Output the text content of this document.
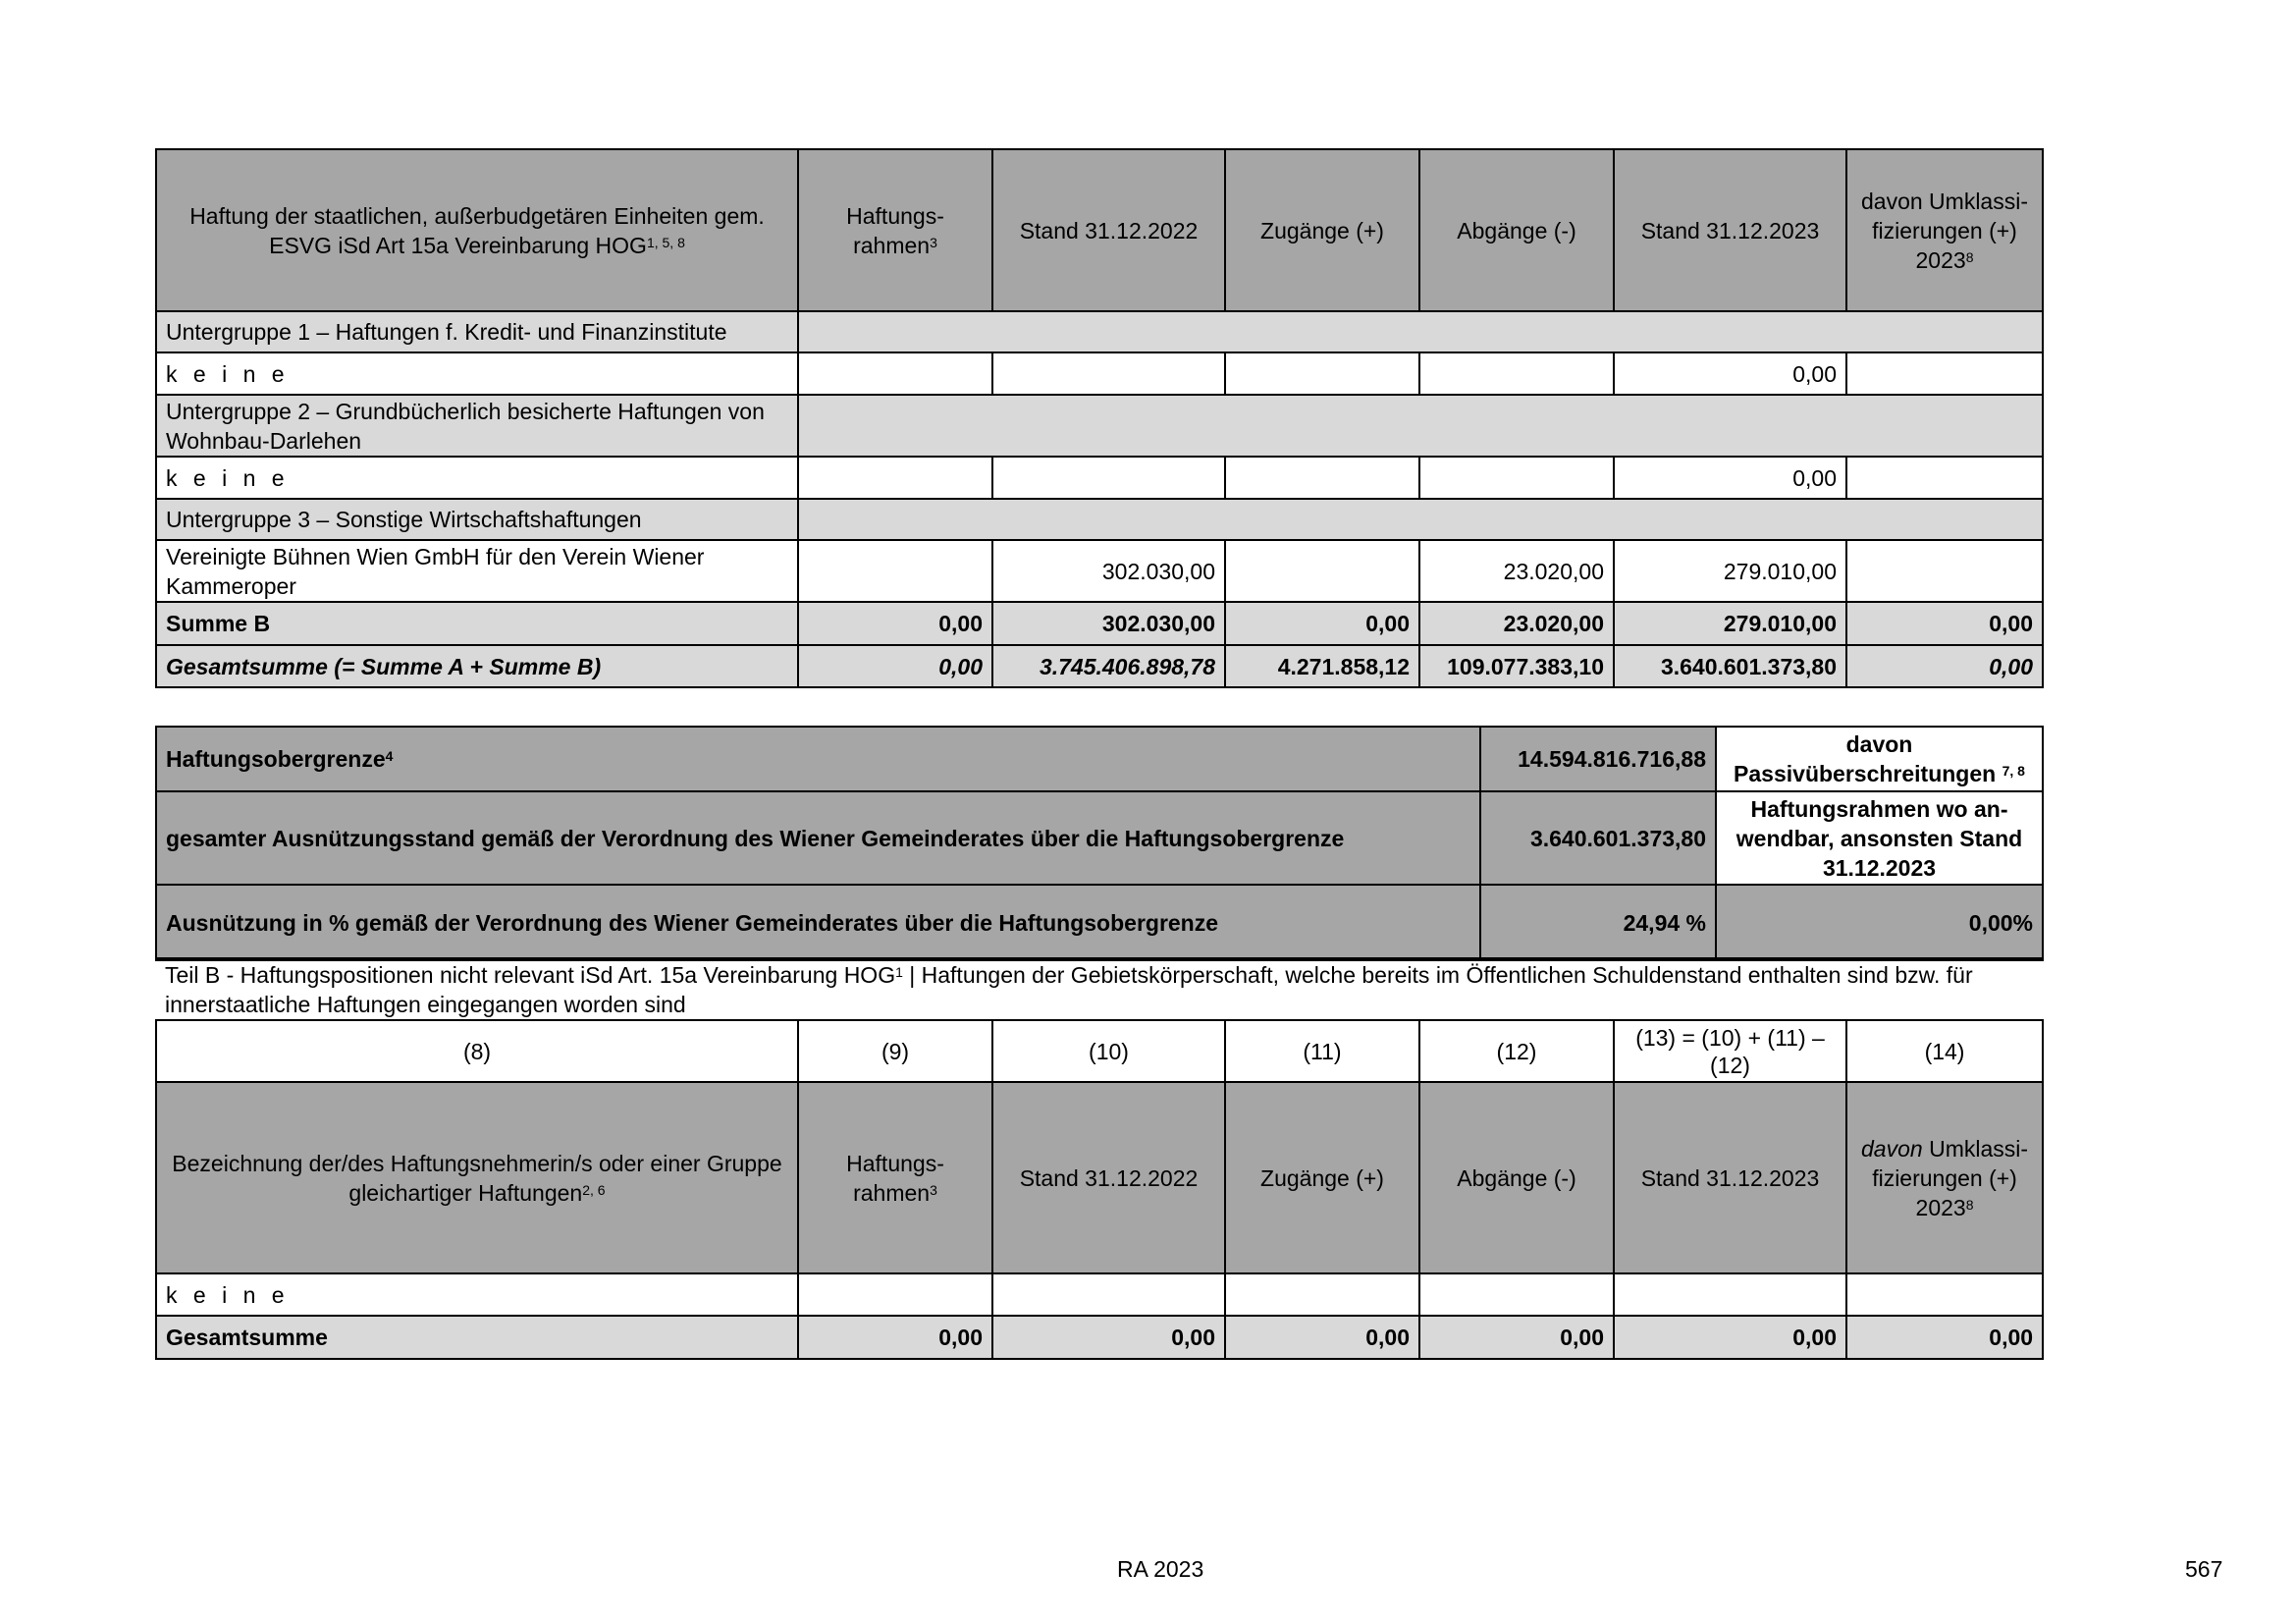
Haftung der staatlichen, außerbudgetären Einheiten gem. ESVG iSd Art 15a Vereinbarung HOG$^{1, 5, 8}$	Haftungs-rahmen$^3$	Stand 31.12.2022	Zugänge (+)	Abgänge (-)	Stand 31.12.2023	davon Umklassi-fizierungen (+) 2023$^8$
Untergruppe 1 – Haftungen f. Kredit- und Finanzinstitute						
k e i n e					0,00	
Untergruppe 2 – Grundbücherlich besicherte Haftungen von Wohnbau-Darlehen						
k e i n e					0,00	
Untergruppe 3 – Sonstige Wirtschaftshaftungen						
Vereinigte Bühnen Wien GmbH für den Verein Wiener Kammeroper		302.030,00		23.020,00	279.010,00	
Summe B	0,00	302.030,00	0,00	23.020,00	279.010,00	0,00
Gesamtsumme (= Summe A + Summe B)	0,00	3.745.406.898,78	4.271.858,12	109.077.383,10	3.640.601.373,80	0,00
Haftungsobergrenze$^4$	14.594.816.716,88	davon Passivüberschreitungen $^{7, 8}$
gesamter Ausnützungsstand gemäß der Verordnung des Wiener Gemeinderates über die Haftungsobergrenze	3.640.601.373,80	Haftungsrahmen wo an-wendbar, ansonsten Stand 31.12.2023
Ausnützung in % gemäß der Verordnung des Wiener Gemeinderates über die Haftungsobergrenze	24,94 %	0,00%
Teil B - Haftungspositionen nicht relevant iSd Art. 15a Vereinbarung HOG$^1$ | Haftungen der Gebietskörperschaft, welche bereits im Öffentlichen Schuldenstand enthalten sind bzw. für innerstaatliche Haftungen eingegangen worden sind						
(8)	(9)	(10)	(11)	(12)	(13) = (10) + (11) – (12)	(14)
Bezeichnung der/des Haftungsnehmerin/s oder einer Gruppe gleichartiger Haftungen$^{2, 6}$	Haftungs-rahmen$^3$	Stand 31.12.2022	Zugänge (+)	Abgänge (-)	Stand 31.12.2023	davon Umklassi-fizierungen (+) 2023$^8$
k e i n e						
Gesamtsumme	0,00	0,00	0,00	0,00	0,00	0,00
RA 2023	567
